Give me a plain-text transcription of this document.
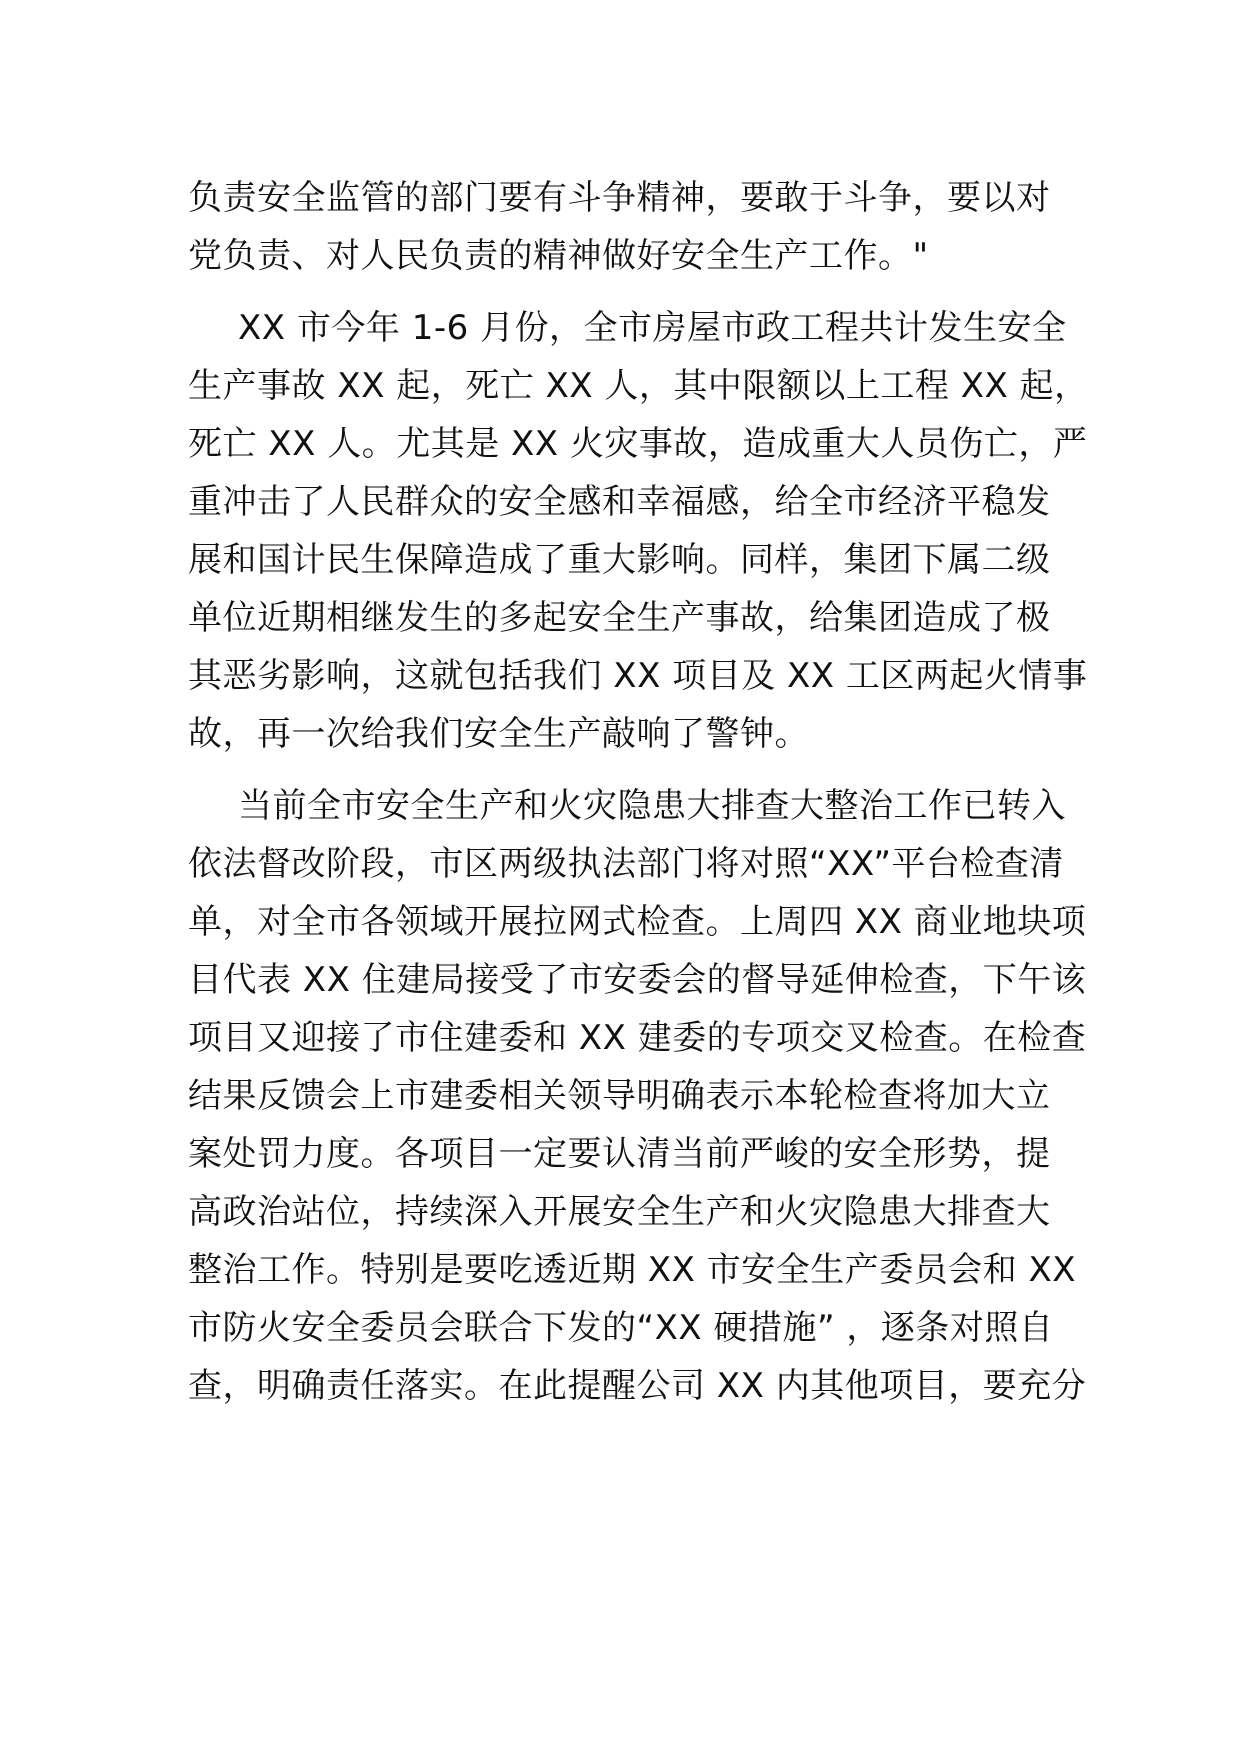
负责安全监管的部门要有斗争精神，要敢于斗争，要以对

党负责、对人民负责的精神做好安全生产工作。"

XX 市今年 1-6 月份，全市房屋市政工程共计发生安全

生产事故 XX 起，死亡 XX 人，其中限额以上工程 XX 起，

死亡 XX 人。尤其是 XX 火灾事故，造成重大人员伤亡，严

重冲击了人民群众的安全感和幸福感，给全市经济平稳发

展和国计民生保障造成了重大影响。同样，集团下属二级

单位近期相继发生的多起安全生产事故，给集团造成了极

其恶劣影响，这就包括我们 XX 项目及 XX 工区两起火情事

故，再一次给我们安全生产敲响了警钟。

当前全市安全生产和火灾隐患大排查大整治工作已转入

依法督改阶段，市区两级执法部门将对照“XX”平台检查清

单，对全市各领域开展拉网式检查。上周四 XX 商业地块项

目代表 XX 住建局接受了市安委会的督导延伸检查，下午该

项目又迎接了市住建委和 XX 建委的专项交叉检查。在检查

结果反馈会上市建委相关领导明确表示本轮检查将加大立

案处罚力度。各项目一定要认清当前严峻的安全形势，提

高政治站位，持续深入开展安全生产和火灾隐患大排查大

整治工作。特别是要吃透近期 XX 市安全生产委员会和 XX

市防火安全委员会联合下发的“XX 硬措施” ，逐条对照自

查，明确责任落实。在此提醒公司 XX 内其他项目，要充分
